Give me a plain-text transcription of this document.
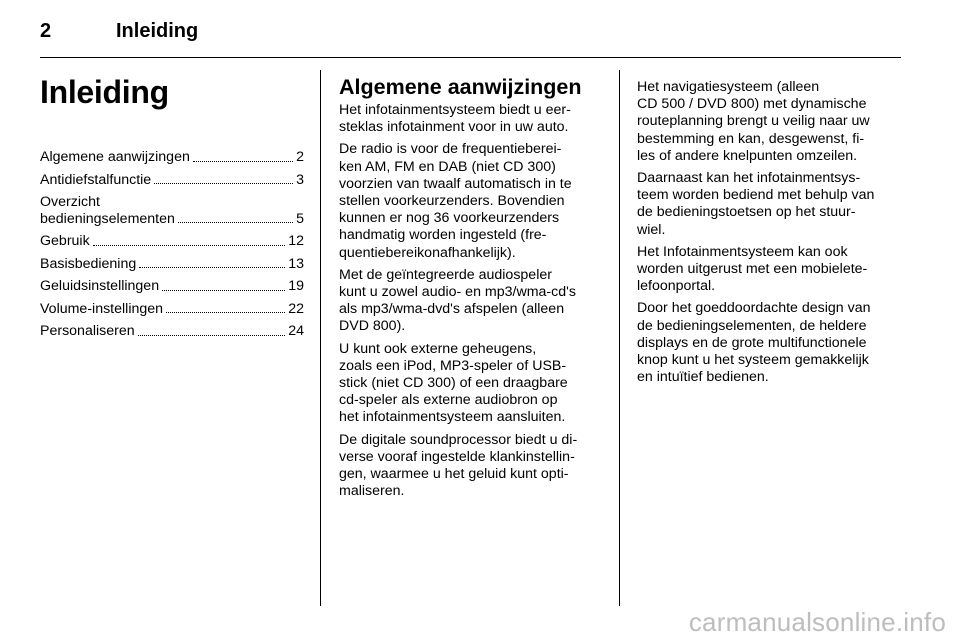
2	Inleiding
Inleiding
Algemene aanwijzingen	2
Antidiefstalfunctie	3
Overzicht
bedieningselementen	5
Gebruik	12
Basisbediening	13
Geluidsinstellingen	19
Volume-instellingen	22
Personaliseren	24
Algemene aanwijzingen

Het infotainmentsysteem biedt u eer-
steklas infotainment voor in uw auto.

De radio is voor de frequentieberei-
ken AM, FM en DAB (niet CD 300)
voorzien van twaalf automatisch in te
stellen voorkeurzenders. Bovendien
kunnen er nog 36 voorkeurzenders
handmatig worden ingesteld (fre-
quentiebereikonafhankelijk).

Met de geïntegreerde audiospeler
kunt u zowel audio- en mp3/wma-cd's
als mp3/wma-dvd's afspelen (alleen
DVD 800).

U kunt ook externe geheugens,
zoals een iPod, MP3-speler of USB-
stick (niet CD 300) of een draagbare
cd-speler als externe audiobron op
het infotainmentsysteem aansluiten.

De digitale soundprocessor biedt u di-
verse vooraf ingestelde klankinstellin-
gen, waarmee u het geluid kunt opti-
maliseren.

Het navigatiesysteem (alleen
CD 500 / DVD 800) met dynamische
routeplanning brengt u veilig naar uw
bestemming en kan, desgewenst, fi-
les of andere knelpunten omzeilen.

Daarnaast kan het infotainmentsys-
teem worden bediend met behulp van
de bedieningstoetsen op het stuur-
wiel.

Het Infotainmentsysteem kan ook
worden uitgerust met een mobielete-
lefoonportal.

Door het goeddoordachte design van
de bedieningselementen, de heldere
displays en de grote multifunctionele
knop kunt u het systeem gemakkelijk
en intuïtief bedienen.

carmanualsonline.info
